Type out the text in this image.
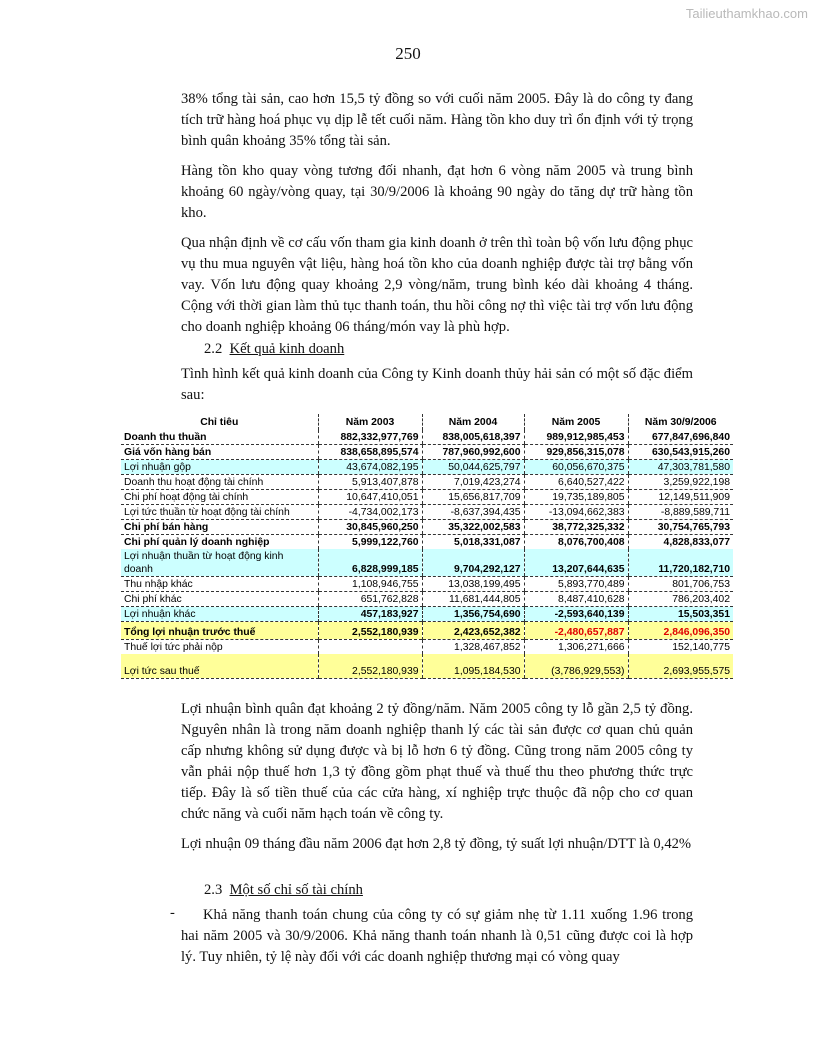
Tailieuthamkhao.com
250

38% tổng tài sản, cao hơn 15,5 tỷ đồng so với cuối năm 2005. Đây là do công ty đang tích trữ hàng hoá phục vụ dịp lễ tết cuối năm. Hàng tồn kho duy trì ổn định với tỷ trọng bình quân khoảng 35% tổng tài sản.

Hàng tồn kho quay vòng tương đối nhanh, đạt hơn 6 vòng năm 2005 và trung bình khoảng 60 ngày/vòng quay, tại 30/9/2006 là khoảng 90 ngày do tăng dự trữ hàng tồn kho.

Qua nhận định về cơ cấu vốn tham gia kinh doanh ở trên thì toàn bộ vốn lưu động phục vụ thu mua nguyên vật liệu, hàng hoá tồn kho của doanh nghiệp được tài trợ bằng vốn vay. Vốn lưu động quay khoảng 2,9 vòng/năm, trung bình kéo dài khoảng 4 tháng. Cộng với thời gian làm thủ tục thanh toán, thu hồi công nợ thì việc tài trợ vốn lưu động cho doanh nghiệp khoảng 06 tháng/món vay là phù hợp.

2.2 Kết quả kinh doanh

Tình hình kết quả kinh doanh của Công ty Kinh doanh thủy hải sản có một số đặc điểm sau:

Chỉ tiêu	Năm 2003	Năm 2004	Năm 2005	Năm 30/9/2006
Doanh thu thuần	882,332,977,769	838,005,618,397	989,912,985,453	677,847,696,840
Giá vốn hàng bán	838,658,895,574	787,960,992,600	929,856,315,078	630,543,915,260
Lợi nhuận gộp	43,674,082,195	50,044,625,797	60,056,670,375	47,303,781,580
Doanh thu hoạt động tài chính	5,913,407,878	7,019,423,274	6,640,527,422	3,259,922,198
Chi phí hoạt động tài chính	10,647,410,051	15,656,817,709	19,735,189,805	12,149,511,909
Lợi tức thuần từ hoạt động tài chính	-4,734,002,173	-8,637,394,435	-13,094,662,383	-8,889,589,711
Chi phí bán hàng	30,845,960,250	35,322,002,583	38,772,325,332	30,754,765,793
Chi phí quản lý doanh nghiệp	5,999,122,760	5,018,331,087	8,076,700,408	4,828,833,077
Lợi nhuận thuần từ hoạt động kinh doanh	6,828,999,185	9,704,292,127	13,207,644,635	11,720,182,710
Thu nhập khác	1,108,946,755	13,038,199,495	5,893,770,489	801,706,753
Chi phí khác	651,762,828	11,681,444,805	8,487,410,628	786,203,402
Lợi nhuận khác	457,183,927	1,356,754,690	-2,593,640,139	15,503,351
Tổng lợi nhuận trước thuế	2,552,180,939	2,423,652,382	-2,480,657,887	2,846,096,350
Thuế lợi tức phải nộp		1,328,467,852	1,306,271,666	152,140,775
Lợi tức sau thuế	2,552,180,939	1,095,184,530	(3,786,929,553)	2,693,955,575

Lợi nhuận bình quân đạt khoảng 2 tỷ đồng/năm. Năm 2005 công ty lỗ gần 2,5 tỷ đồng. Nguyên nhân là trong năm doanh nghiệp thanh lý các tài sản được cơ quan chủ quản cấp nhưng không sử dụng được và bị lỗ hơn 6 tỷ đồng. Cũng trong năm 2005 công ty vẫn phải nộp thuế hơn 1,3 tỷ đồng gồm phạt thuế và thuế thu theo phương thức trực tiếp. Đây là số tiền thuế của các cửa hàng, xí nghiệp trực thuộc đã nộp cho cơ quan chức năng và cuối năm hạch toán về công ty.

Lợi nhuận 09 tháng đầu năm 2006 đạt hơn 2,8 tỷ đồng, tỷ suất lợi nhuận/DTT là 0,42%

2.3 Một số chỉ số tài chính
-	Khả năng thanh toán chung của công ty có sự giảm nhẹ từ 1.11 xuống 1.96 trong hai năm 2005 và 30/9/2006. Khả năng thanh toán nhanh là 0,51 cũng được coi là hợp lý. Tuy nhiên, tỷ lệ này đối với các doanh nghiệp thương mại có vòng quay
